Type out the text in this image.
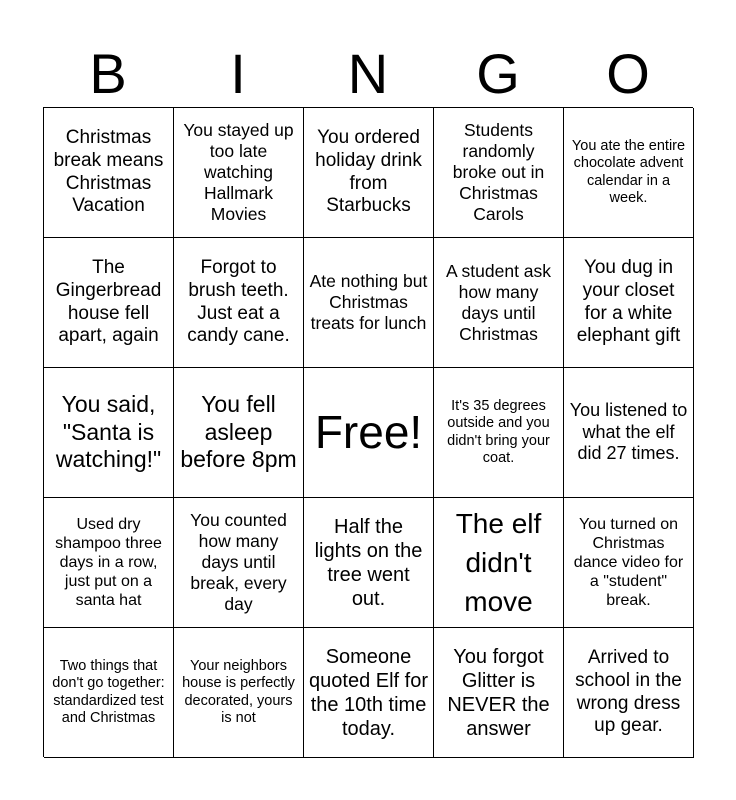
B	I	N	G	O
Christmas break means Christmas Vacation
You stayed up too late watching Hallmark Movies
You ordered holiday drink from Starbucks
Students randomly broke out in Christmas Carols
You ate the entire chocolate advent calendar in a week.
The Gingerbread house fell apart, again
Forgot to brush teeth. Just eat a candy cane.
Ate nothing but Christmas treats for lunch
A student ask how many days until Christmas
You dug in your closet for a white elephant gift
You said, "Santa is watching!"
You fell asleep before 8pm
Free!
It's 35 degrees outside and you didn't bring your coat.
You listened to what the elf did 27 times.
Used dry shampoo three days in a row, just put on a santa hat
You counted how many days until break, every day
Half the lights on the tree went out.
The elf didn't move
You turned on Christmas dance video for a "student" break.
Two things that don't go together: standardized test and Christmas
Your neighbors house is perfectly decorated, yours is not
Someone quoted Elf for the 10th time today.
You forgot Glitter is NEVER the answer
Arrived to school in the wrong dress up gear.
